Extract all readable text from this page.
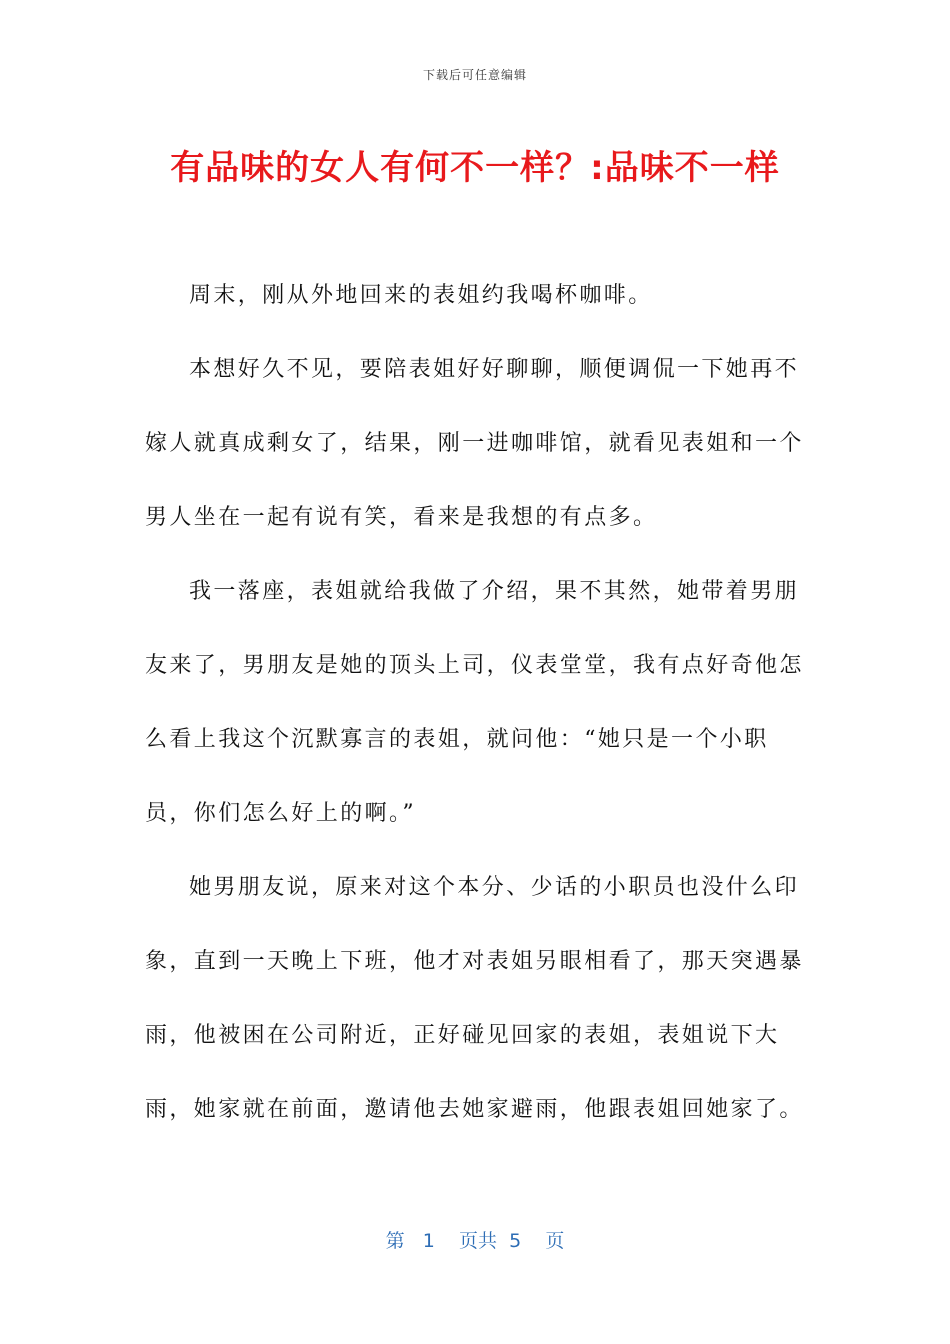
下载后可任意编辑
有品味的女人有何不一样？:品味不一样

周末，刚从外地回来的表姐约我喝杯咖啡。

本想好久不见，要陪表姐好好聊聊，顺便调侃一下她再不嫁人就真成剩女了，结果，刚一进咖啡馆，就看见表姐和一个男人坐在一起有说有笑，看来是我想的有点多。

我一落座，表姐就给我做了介绍，果不其然，她带着男朋友来了，男朋友是她的顶头上司，仪表堂堂，我有点好奇他怎么看上我这个沉默寡言的表姐，就问他：“她只是一个小职员，你们怎么好上的啊。”

她男朋友说，原来对这个本分、少话的小职员也没什么印象，直到一天晚上下班，他才对表姐另眼相看了，那天突遇暴雨，他被困在公司附近，正好碰见回家的表姐，表姐说下大雨，她家就在前面，邀请他去她家避雨，他跟表姐回她家了。

第 1 页共 5 页
